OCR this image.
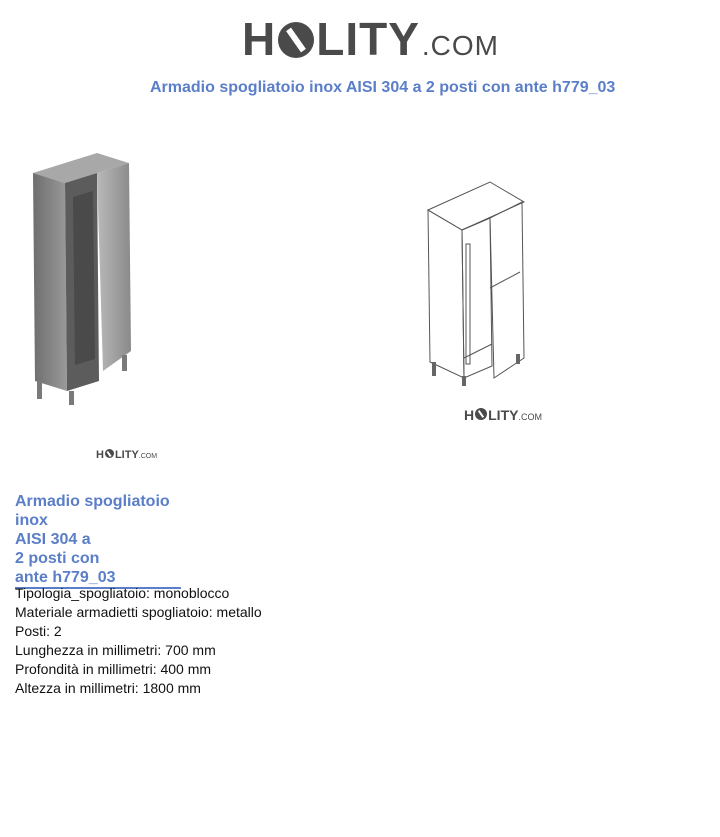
H LITY .COM
Armadio spogliatoio inox AISI 304 a 2 posti con ante h779_03
H LITY .COM
H LITY .COM
Armadio spogliatoio inox
AISI 304 a
2 posti con
ante h779_03
Tipologia_spogliatoio: monoblocco
Materiale armadietti spogliatoio: metallo
Posti: 2
Lunghezza in millimetri: 700 mm
Profondità in millimetri: 400 mm
Altezza in millimetri: 1800 mm
